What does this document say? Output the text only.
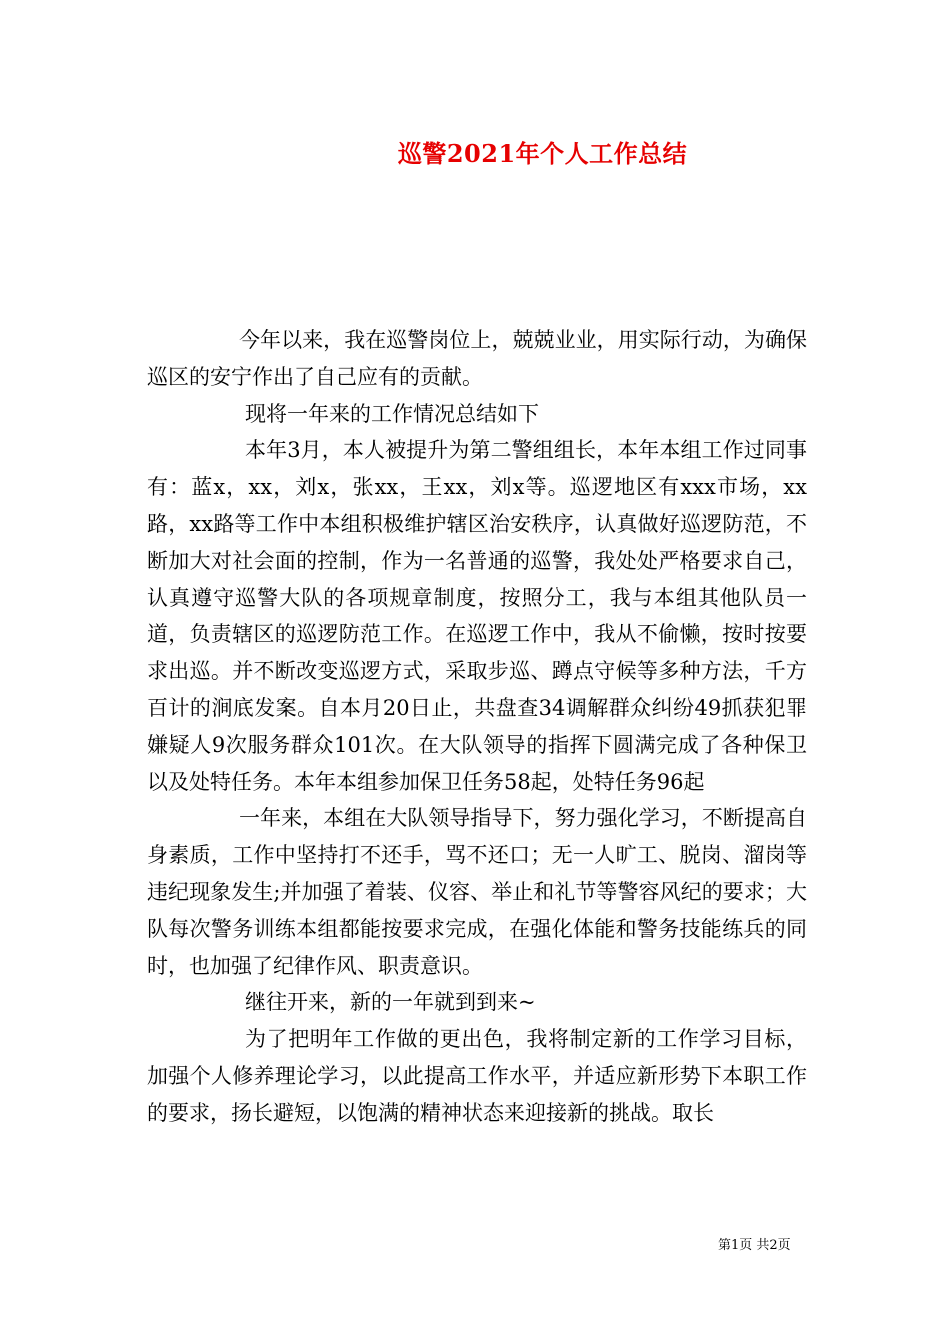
巡警2021年个人工作总结

今年以来，我在巡警岗位上，兢兢业业，用实际行动，为确保巡区的安宁作出了自己应有的贡献。

现将一年来的工作情况总结如下

本年3月，本人被提升为第二警组组长，本年本组工作过同事有：蓝x，xx，刘x，张xx，王xx，刘x等。巡逻地区有xxx市场，xx路，xx路等工作中本组积极维护辖区治安秩序，认真做好巡逻防范，不断加大对社会面的控制，作为一名普通的巡警，我处处严格要求自己，认真遵守巡警大队的各项规章制度，按照分工，我与本组其他队员一道，负责辖区的巡逻防范工作。在巡逻工作中，我从不偷懒，按时按要求出巡。并不断改变巡逻方式，采取步巡、蹲点守候等多种方法，千方百计的涧底发案。自本月20日止，共盘查34调解群众纠纷49抓获犯罪嫌疑人9次服务群众101次。在大队领导的指挥下圆满完成了各种保卫以及处特任务。本年本组参加保卫任务58起，处特任务96起

一年来，本组在大队领导指导下，努力强化学习，不断提高自身素质，工作中坚持打不还手，骂不还口；无一人旷工、脱岗、溜岗等违纪现象发生;并加强了着装、仪容、举止和礼节等警容风纪的要求；大队每次警务训练本组都能按要求完成，在强化体能和警务技能练兵的同时，也加强了纪律作风、职责意识。

继往开来，新的一年就到到来~

为了把明年工作做的更出色，我将制定新的工作学习目标，加强个人修养理论学习，以此提高工作水平，并适应新形势下本职工作的要求，扬长避短，以饱满的精神状态来迎接新的挑战。取长

第1页 共2页
